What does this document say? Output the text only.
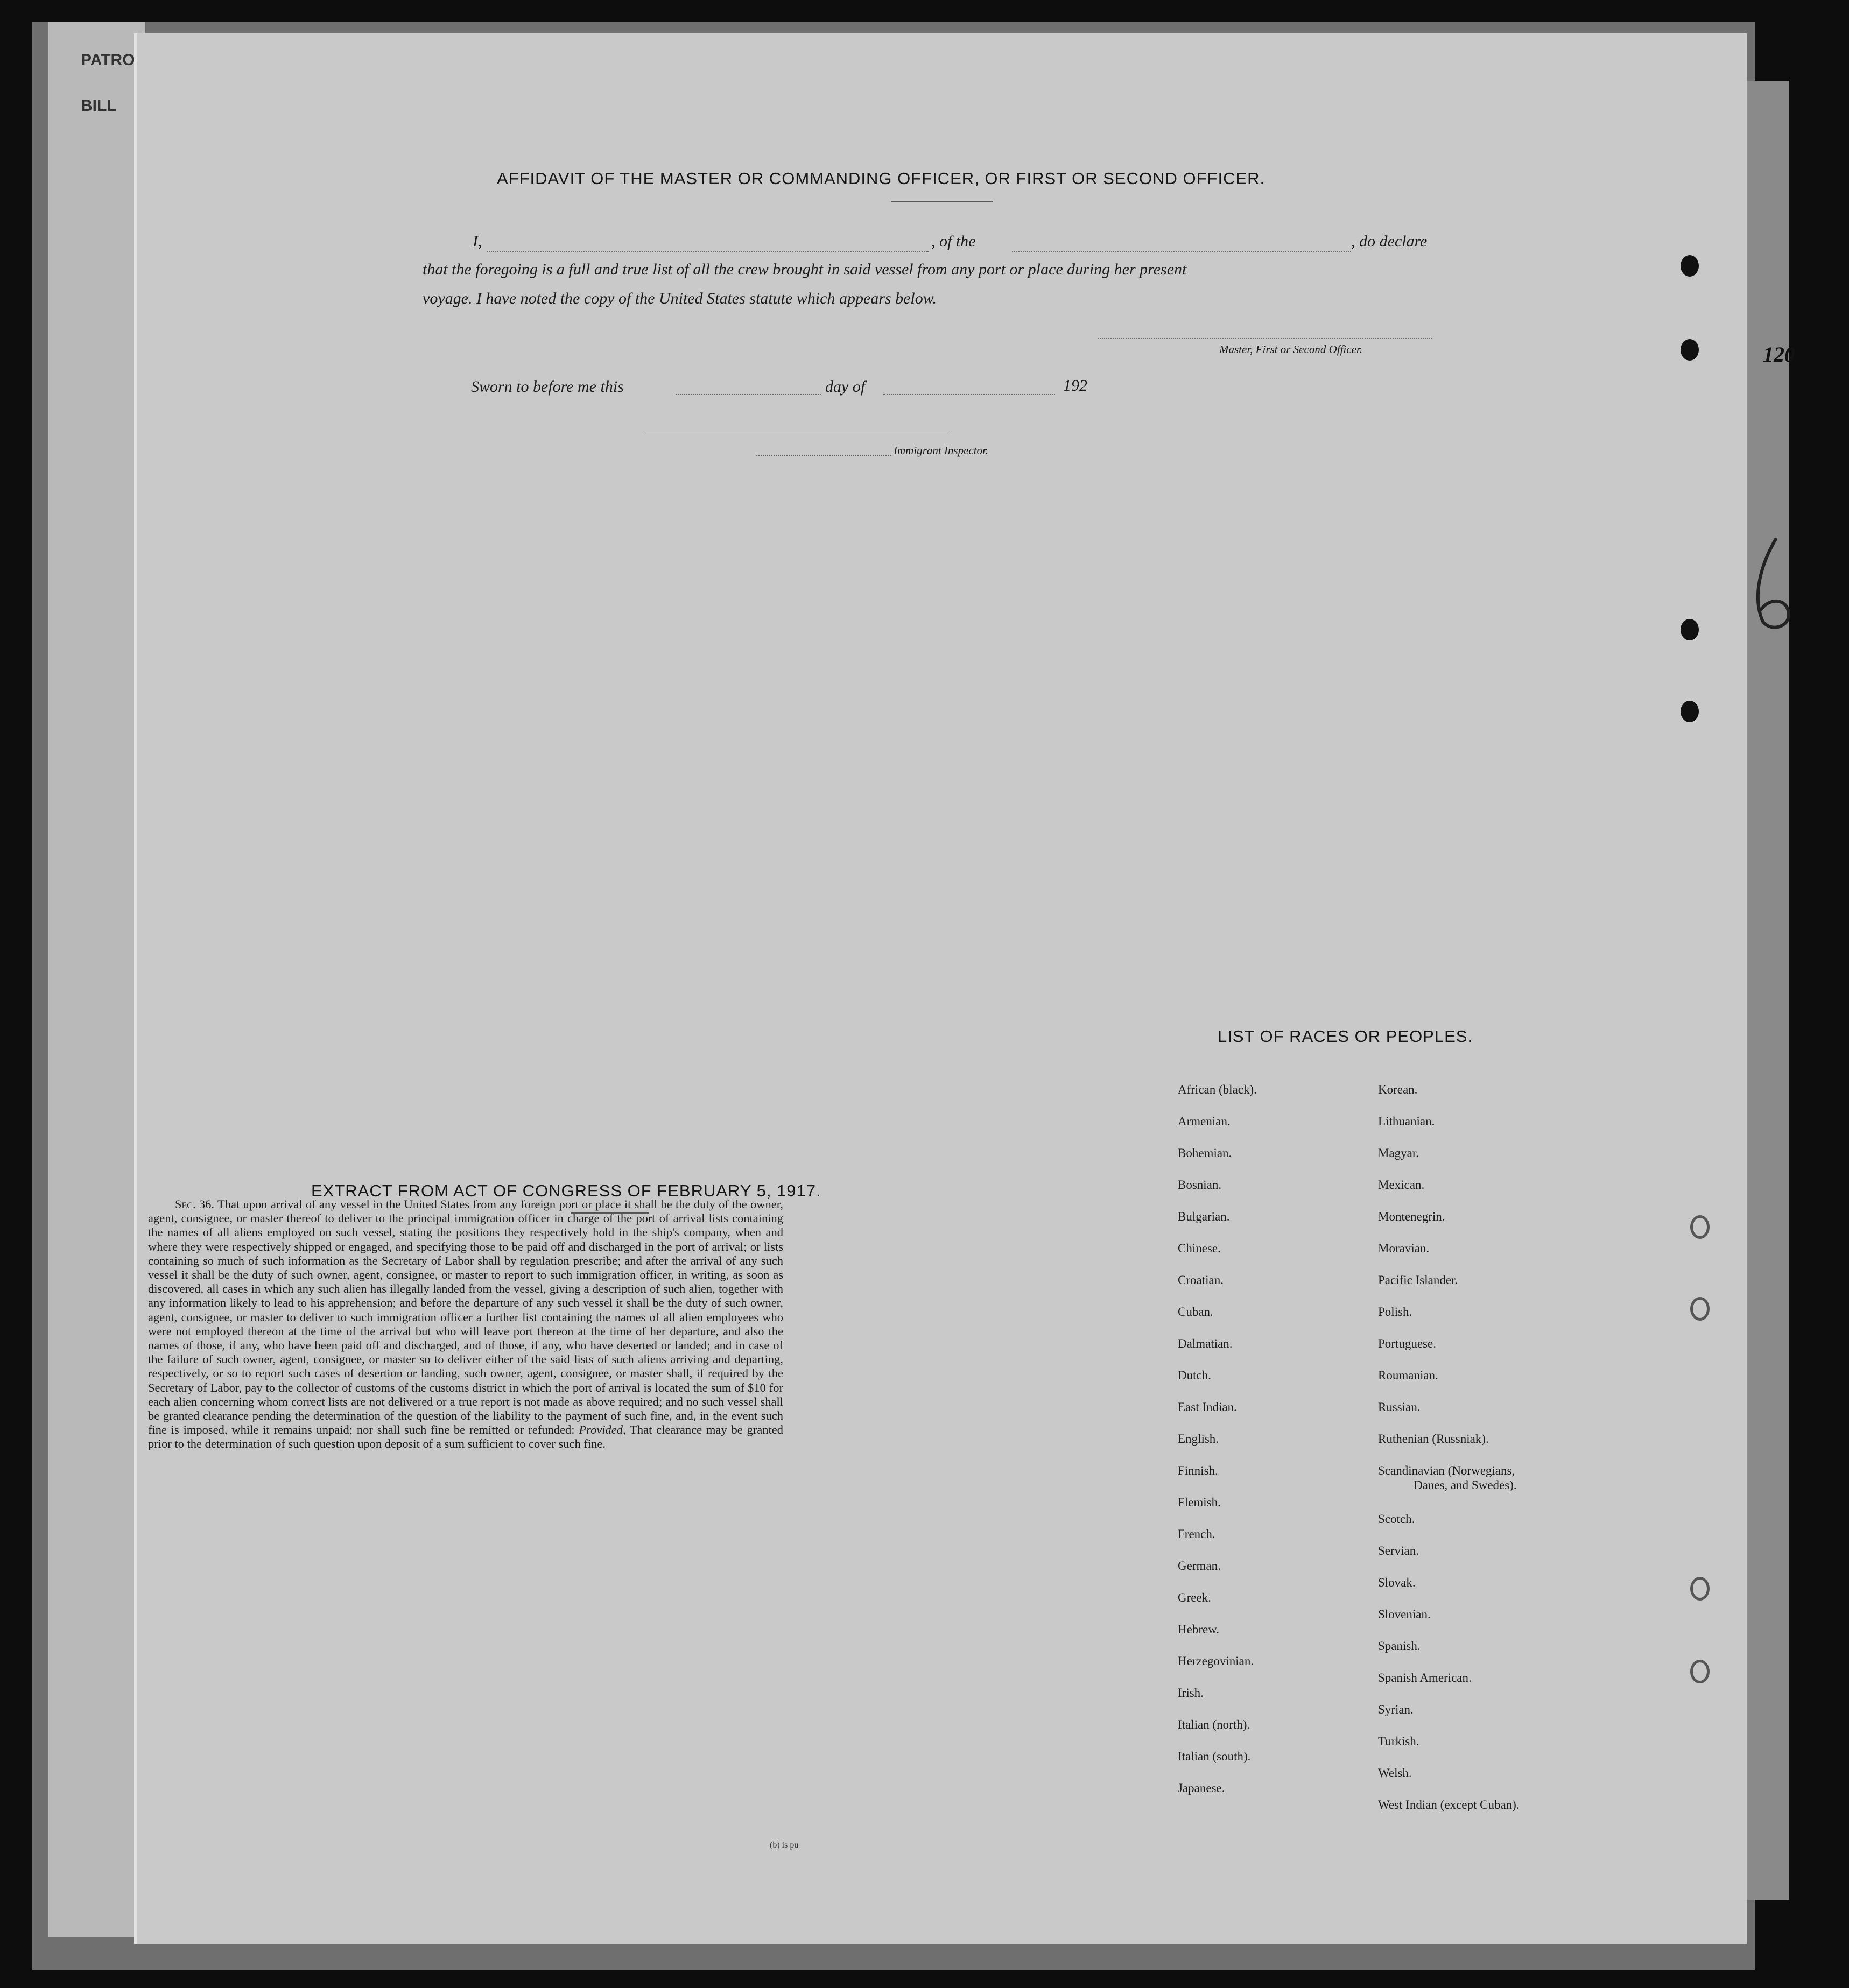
PATRO
BILL
AFFIDAVIT OF THE MASTER OR COMMANDING OFFICER, OR FIRST OR SECOND OFFICER.
I,	, of the	, do declare
that the foregoing is a full and true list of all the crew brought in said vessel from any port or place during her present
voyage. I have noted the copy of the United States statute which appears below.
Master, First or Second Officer.
Sworn to before me this	day of	192
Immigrant Inspector.
EXTRACT FROM ACT OF CONGRESS OF FEBRUARY 5, 1917.
Sec. 36. That upon arrival of any vessel in the United States from any foreign port or place it shall be the duty of the owner, agent, consignee, or master thereof to deliver to the principal immigration officer in charge of the port of arrival lists containing the names of all aliens employed on such vessel, stating the positions they respectively hold in the ship's company, when and where they were respectively shipped or engaged, and specifying those to be paid off and discharged in the port of arrival; or lists containing so much of such information as the Secretary of Labor shall by regulation prescribe; and after the arrival of any such vessel it shall be the duty of such owner, agent, consignee, or master to report to such immigration officer, in writing, as soon as discovered, all cases in which any such alien has illegally landed from the vessel, giving a description of such alien, together with any information likely to lead to his apprehension; and before the departure of any such vessel it shall be the duty of such owner, agent, consignee, or master to deliver to such immigration officer a further list containing the names of all alien employees who were not employed thereon at the time of the arrival but who will leave port thereon at the time of her departure, and also the names of those, if any, who have been paid off and discharged, and of those, if any, who have deserted or landed; and in case of the failure of such owner, agent, consignee, or master so to deliver either of the said lists of such aliens arriving and departing, respectively, or so to report such cases of desertion or landing, such owner, agent, consignee, or master shall, if required by the Secretary of Labor, pay to the collector of customs of the customs district in which the port of arrival is located the sum of $10 for each alien concerning whom correct lists are not delivered or a true report is not made as above required; and no such vessel shall be granted clearance pending the determination of the question of the liability to the payment of such fine, and, in the event such fine is imposed, while it remains unpaid; nor shall such fine be remitted or refunded: Provided, That clearance may be granted prior to the determination of such question upon deposit of a sum sufficient to cover such fine.
LIST OF RACES OR PEOPLES.
African (black).
Armenian.
Bohemian.
Bosnian.
Bulgarian.
Chinese.
Croatian.
Cuban.
Dalmatian.
Dutch.
East Indian.
English.
Finnish.
Flemish.
French.
German.
Greek.
Hebrew.
Herzegovinian.
Irish.
Italian (north).
Italian (south).
Japanese.
Korean.
Lithuanian.
Magyar.
Mexican.
Montenegrin.
Moravian.
Pacific Islander.
Polish.
Portuguese.
Roumanian.
Russian.
Ruthenian (Russniak).
Scandinavian (Norwegians,
Danes, and Swedes).
Scotch.
Servian.
Slovak.
Slovenian.
Spanish.
Spanish American.
Syrian.
Turkish.
Welsh.
West Indian (except Cuban).
120
(b) is pu
